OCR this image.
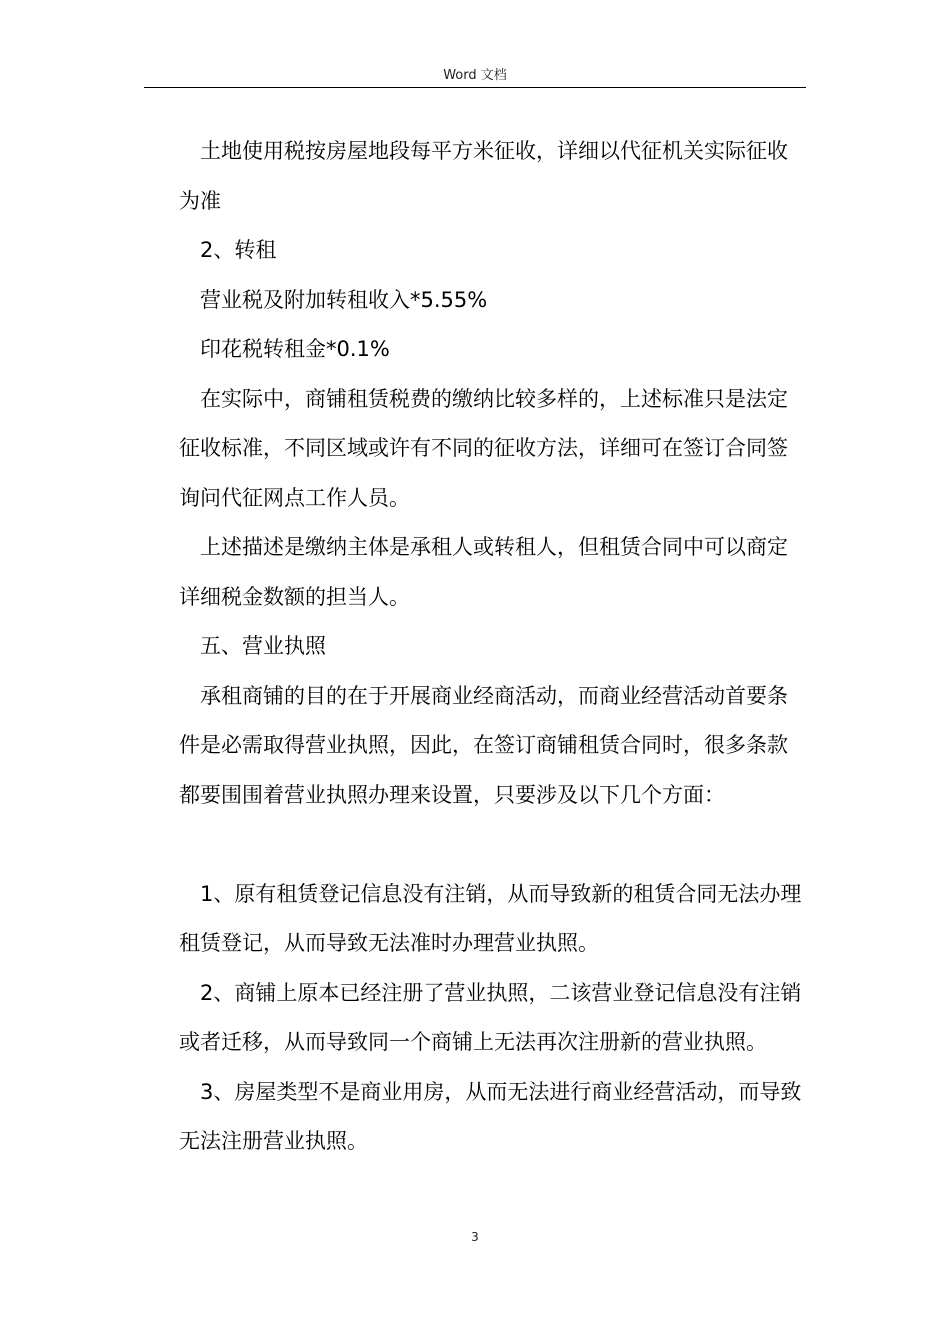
Word 文档

土地使用税按房屋地段每平方米征收，详细以代征机关实际征收为准

2、转租

营业税及附加转租收入*5.55%

印花税转租金*0.1%

在实际中，商铺租赁税费的缴纳比较多样的，上述标准只是法定征收标准，不同区域或许有不同的征收方法，详细可在签订合同签询问代征网点工作人员。

上述描述是缴纳主体是承租人或转租人，但租赁合同中可以商定详细税金数额的担当人。

五、营业执照

承租商铺的目的在于开展商业经商活动，而商业经营活动首要条件是必需取得营业执照，因此，在签订商铺租赁合同时，很多条款都要围围着营业执照办理来设置，只要涉及以下几个方面：

1、原有租赁登记信息没有注销，从而导致新的租赁合同无法办理租赁登记，从而导致无法准时办理营业执照。

2、商铺上原本已经注册了营业执照，二该营业登记信息没有注销或者迁移，从而导致同一个商铺上无法再次注册新的营业执照。

3、房屋类型不是商业用房，从而无法进行商业经营活动，而导致无法注册营业执照。

3
